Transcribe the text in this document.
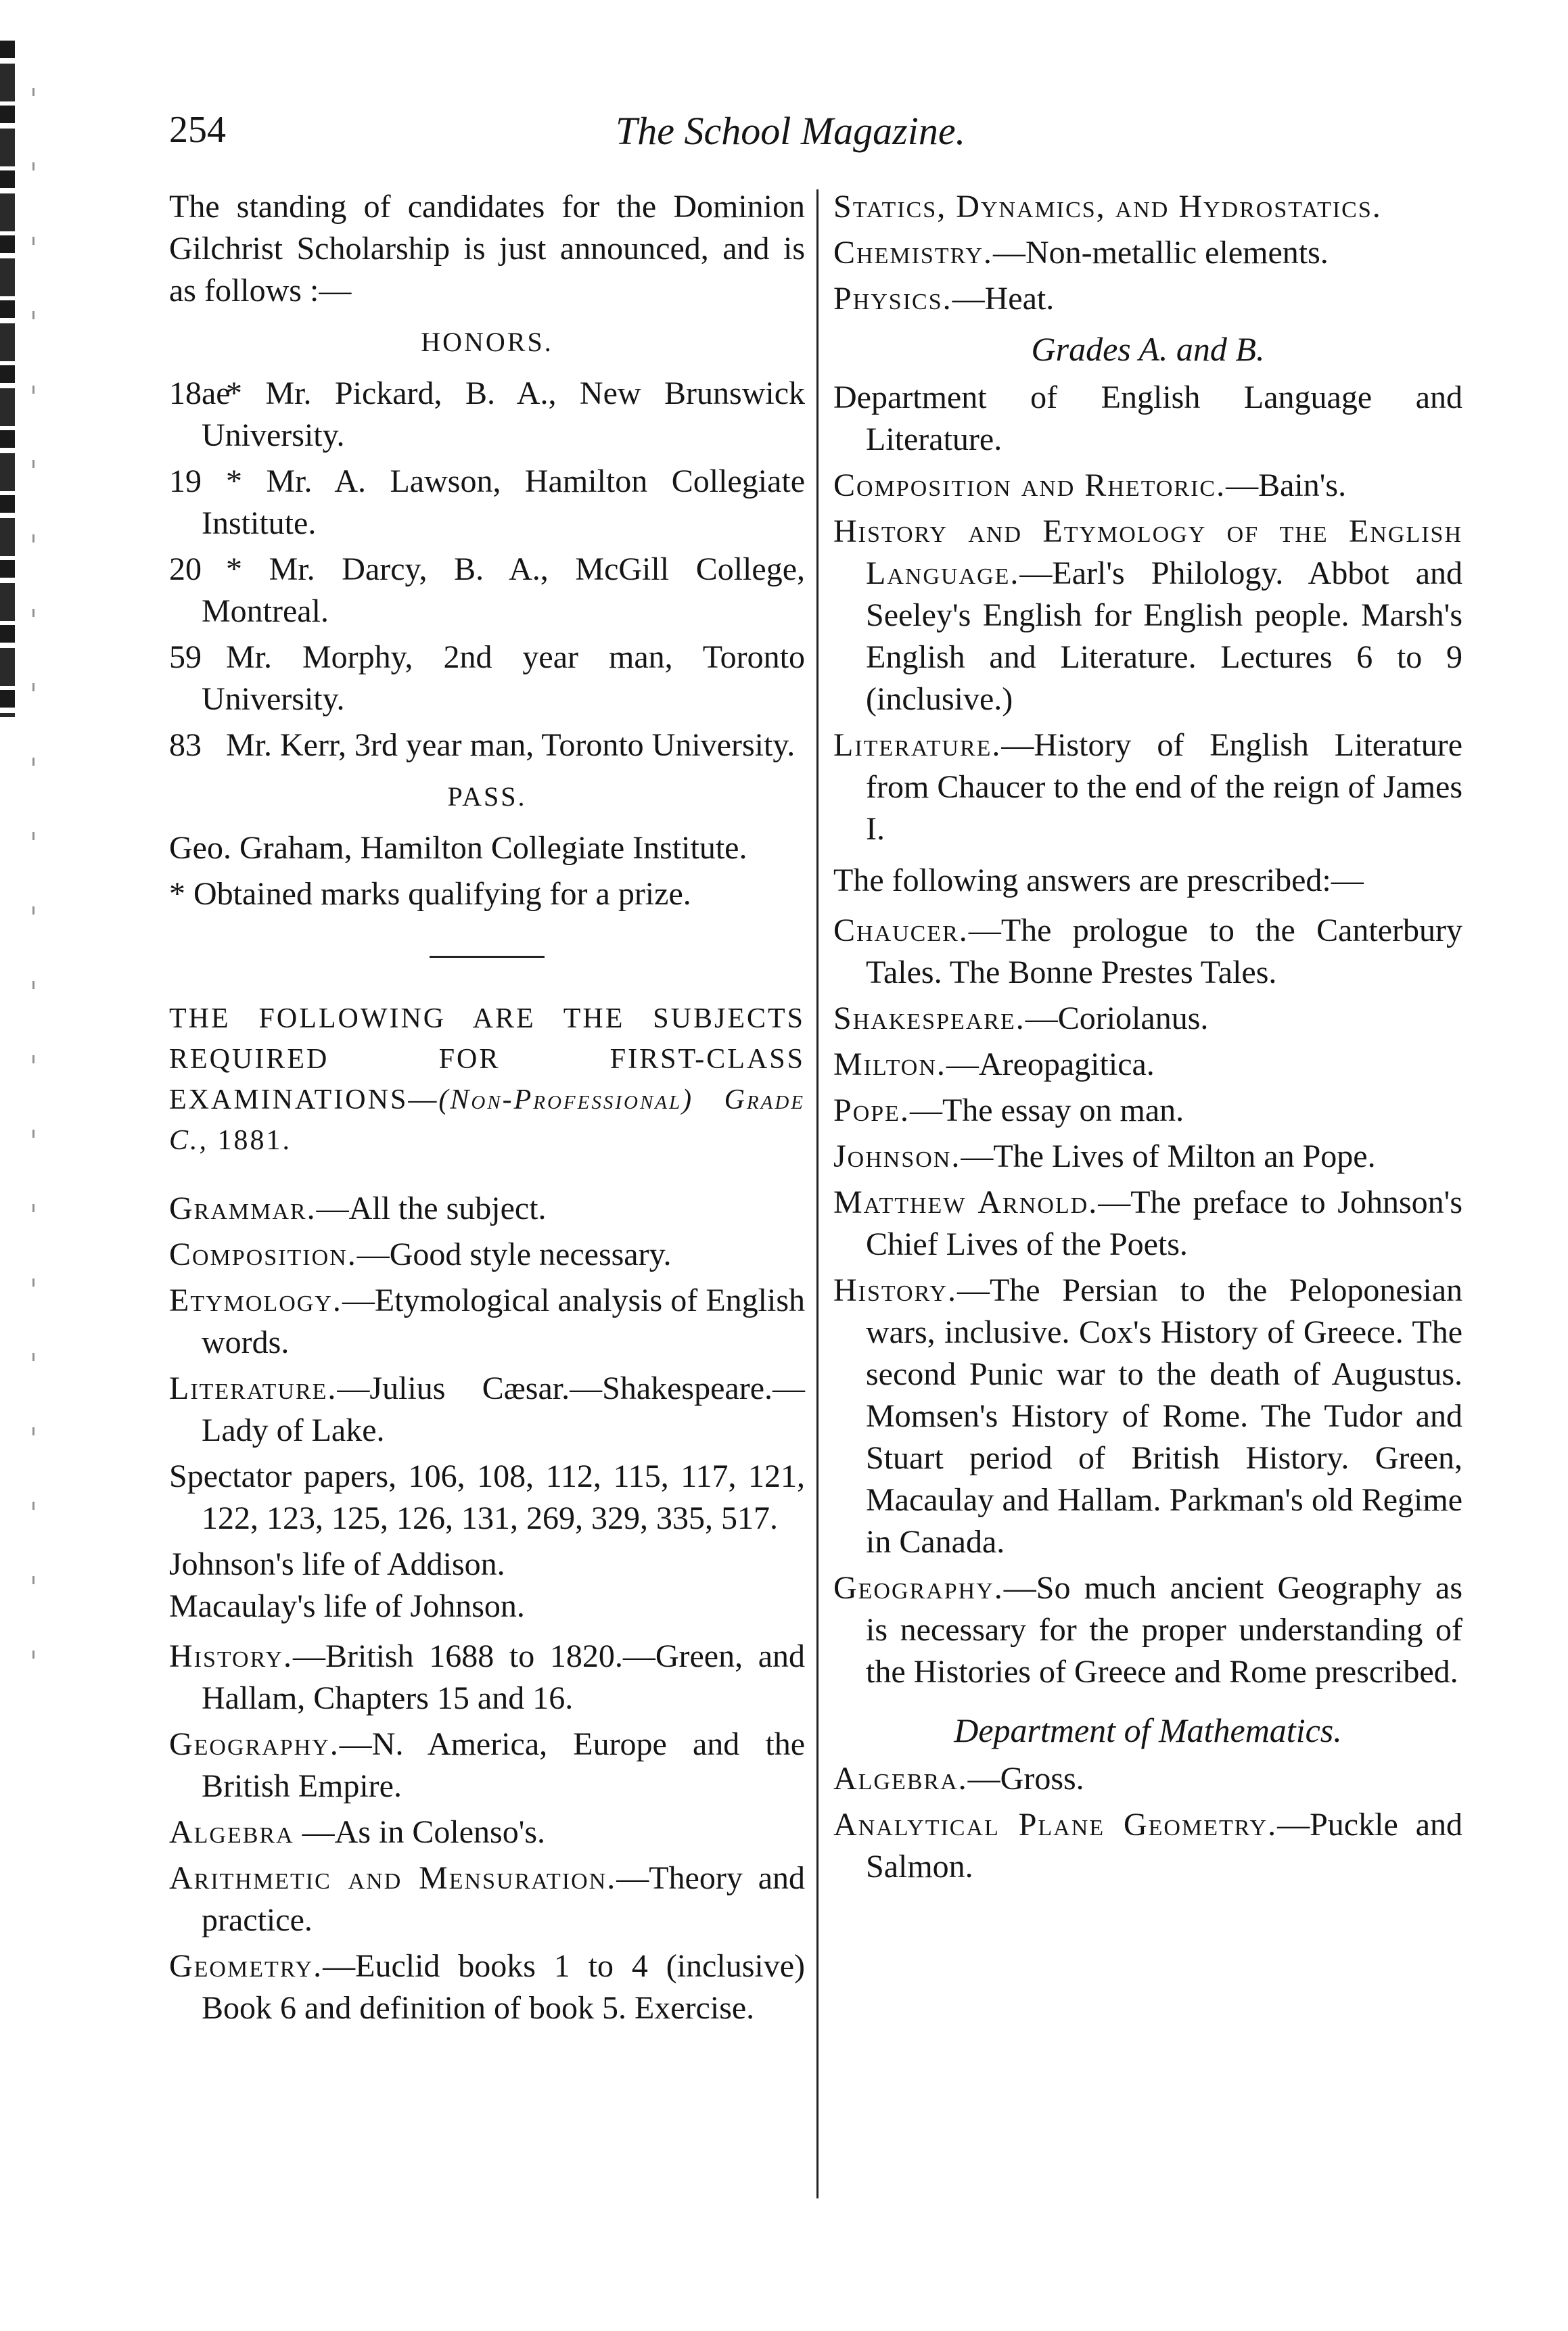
254	The School Magazine.

The standing of candidates for the Dominion Gilchrist Scholarship is just announced, and is as follows :—

HONORS.

18ae* Mr. Pickard, B. A., New Brunswick University.

19 * Mr. A. Lawson, Hamilton Collegiate Institute.

20 * Mr. Darcy, B. A., McGill College, Montreal.

59 Mr. Morphy, 2nd year man, Toronto University.

83 Mr. Kerr, 3rd year man, Toronto University.

PASS.

Geo. Graham, Hamilton Collegiate Institute.

* Obtained marks qualifying for a prize.

THE FOLLOWING ARE THE SUBJECTS REQUIRED FOR FIRST-CLASS EXAMINATIONS—(Non-Professional) Grade C., 1881.

Grammar.—All the subject.

Composition.—Good style necessary.

Etymology.—Etymological analysis of English words.

Literature.—Julius Cæsar.—Shakespeare.—Lady of Lake.

Spectator papers, 106, 108, 112, 115, 117, 121, 122, 123, 125, 126, 131, 269, 329, 335, 517.

Johnson's life of Addison.

Macaulay's life of Johnson.

History.—British 1688 to 1820.—Green, and Hallam, Chapters 15 and 16.

Geography.—N. America, Europe and the British Empire.

Algebra —As in Colenso's.

Arithmetic and Mensuration.—Theory and practice.

Geometry.—Euclid books 1 to 4 (inclusive) Book 6 and definition of book 5. Exercise.

Statics, Dynamics, and Hydrostatics.

Chemistry.—Non-metallic elements.

Physics.—Heat.

Grades A. and B.

Department of English Language and Literature.

Composition and Rhetoric.—Bain's.

History and Etymology of the English Language.—Earl's Philology. Abbot and Seeley's English for English people. Marsh's English and Literature. Lectures 6 to 9 (inclusive.)

Literature.—History of English Literature from Chaucer to the end of the reign of James I.

The following answers are prescribed:—

Chaucer.—The prologue to the Canterbury Tales. The Bonne Prestes Tales.

Shakespeare.—Coriolanus.

Milton.—Areopagitica.

Pope.—The essay on man.

Johnson.—The Lives of Milton an Pope.

Matthew Arnold.—The preface to Johnson's Chief Lives of the Poets.

History.—The Persian to the Peloponesian wars, inclusive. Cox's History of Greece. The second Punic war to the death of Augustus. Momsen's History of Rome. The Tudor and Stuart period of British History. Green, Macaulay and Hallam. Parkman's old Regime in Canada.

Geography.—So much ancient Geography as is necessary for the proper understanding of the Histories of Greece and Rome prescribed.

Department of Mathematics.

Algebra.—Gross.

Analytical Plane Geometry.—Puckle and Salmon.
